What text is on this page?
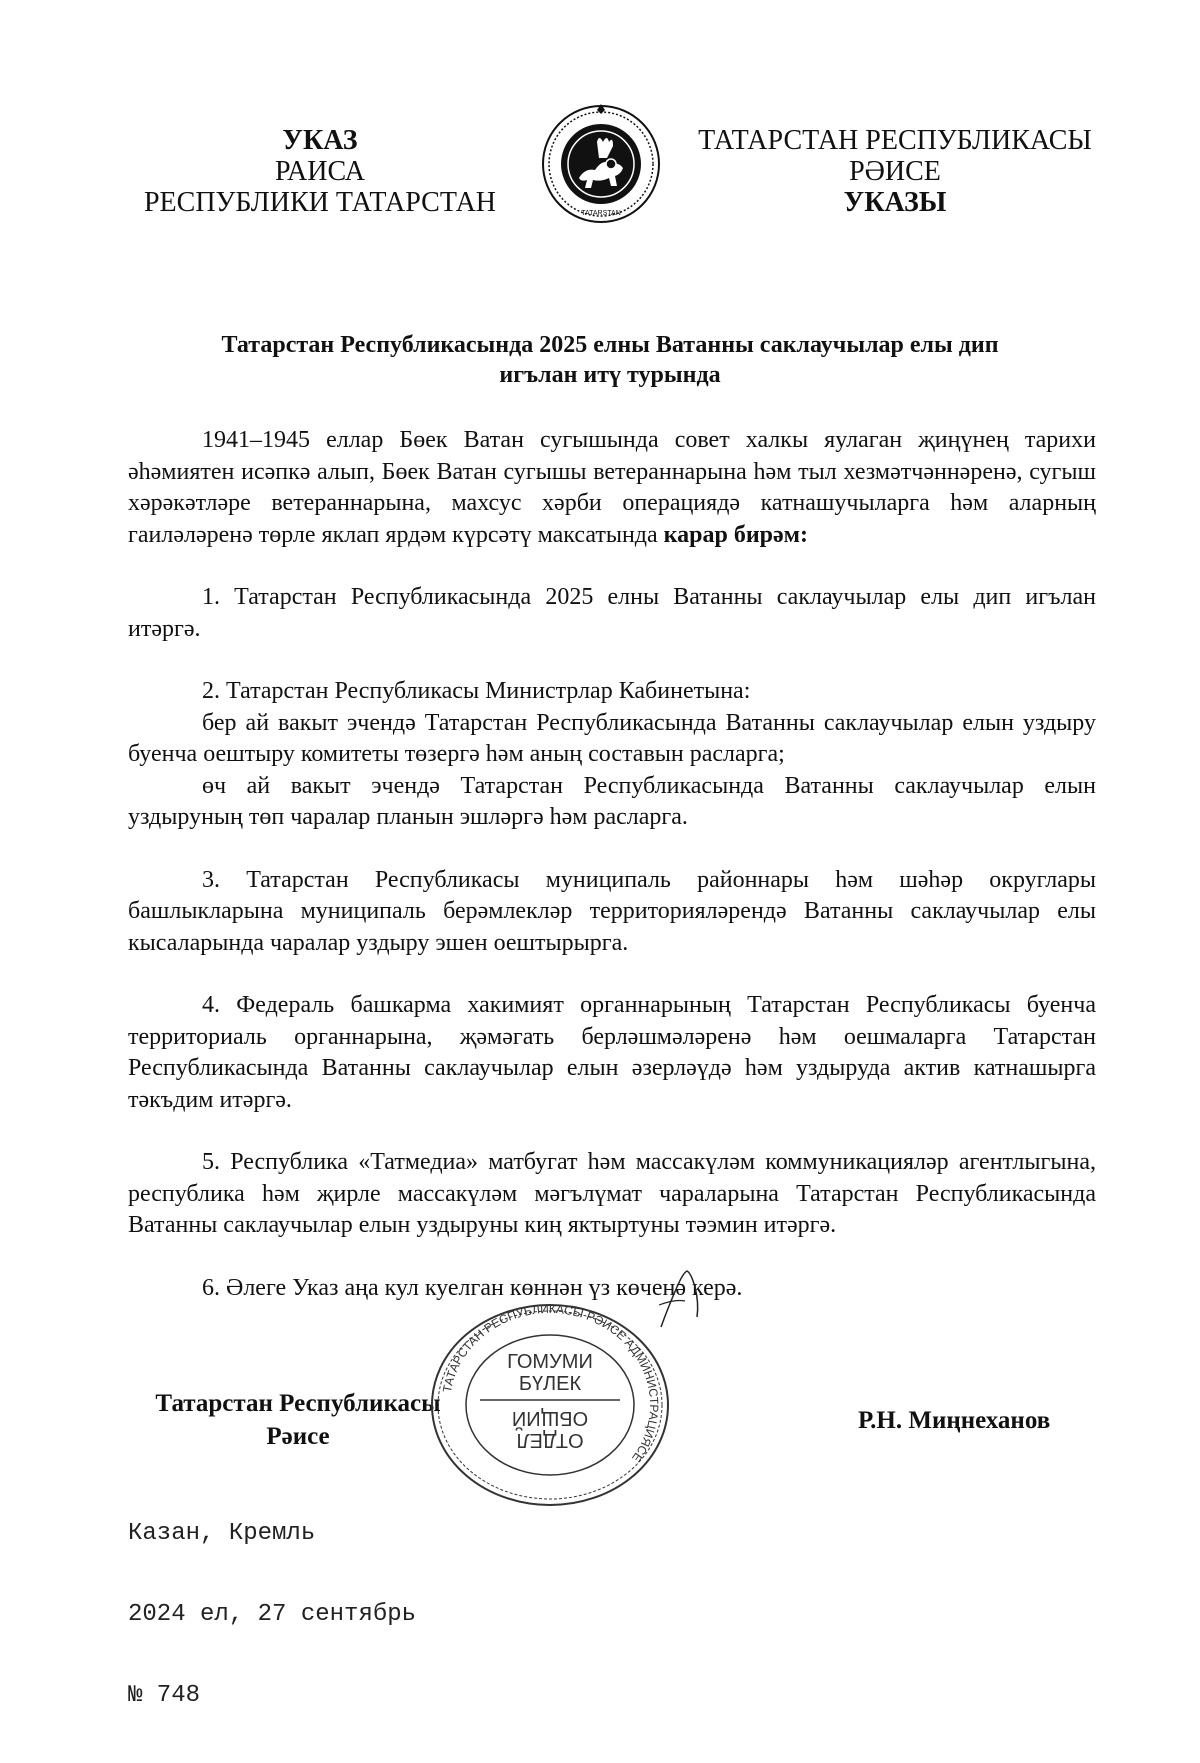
УКАЗ
РАИСА
РЕСПУБЛИКИ ТАТАРСТАН	TATARSTAN
ТАТАРСТАН РЕСПУБЛИКАСЫ
РӘИСЕ
УКАЗЫ
Татарстан Республикасында 2025 елны Ватанны саклаучылар елы дип
игълан итү турында

1941–1945 еллар Бөек Ватан сугышында совет халкы яулаган җиңүнең тарихи әһәмиятен исәпкә алып, Бөек Ватан сугышы ветераннарына һәм тыл хезмәтчәннәренә, сугыш хәрәкәтләре ветераннарына, махсус хәрби операциядә катнашучыларга һәм аларның гаиләләренә төрле яклап ярдәм күрсәтү максатында карар бирәм:

1. Татарстан Республикасында 2025 елны Ватанны саклаучылар елы дип игълан итәргә.

2. Татарстан Республикасы Министрлар Кабинетына:

бер ай вакыт эчендә Татарстан Республикасында Ватанны саклаучылар елын уздыру буенча оештыру комитеты төзергә һәм аның составын расларга;

өч ай вакыт эчендә Татарстан Республикасында Ватанны саклаучылар елын уздыруның төп чаралар планын эшләргә һәм расларга.

3. Татарстан Республикасы муниципаль районнары һәм шәһәр округлары башлыкларына муниципаль берәмлекләр территорияләрендә Ватанны саклаучылар елы кысаларында чаралар уздыру эшен оештырырга.

4. Федераль башкарма хакимият органнарының Татарстан Республикасы буенча территориаль органнарына, җәмәгать берләшмәләренә һәм оешмаларга Татарстан Республикасында Ватанны саклаучылар елын әзерләүдә һәм уздыруда актив катнашырга тәкъдим итәргә.

5. Республика «Татмедиа» матбугат һәм массакүләм коммуникацияләр агентлыгына, республика һәм җирле массакүләм мәгълүмат чараларына Татарстан Республикасында Ватанны саклаучылар елын уздыруны киң яктыртуны тәэмин итәргә.

6. Әлеге Указ аңа кул куелган көннән үз көченә керә.

Татарстан Республикасы
Рәисе
ТАТАРСТАН РЕСПУБЛИКАСЫ РӘИСЕ АДМИНИСТРАЦИЯСЕ
ГОМУМИ
БҮЛЕК
ОТДЕЛ
ОБЩИЙ	Р.Н. Миңнеханов

Казан, Кремль

2024 ел, 27 сентябрь

№ 748
